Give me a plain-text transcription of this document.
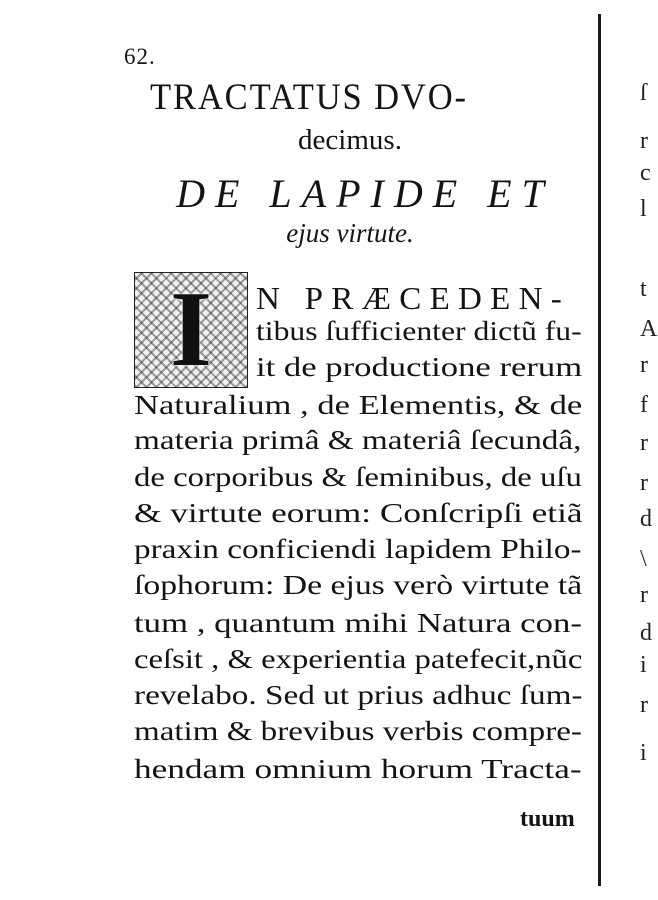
62.
TRACTATUS DVO-
decimus.
DE LAPIDE ET
ejus virtute.
I	N PRÆCEDEN-
tibus ſufficienter dictũ fu-
it de productione rerum
Naturalium , de Elementis, & de
materia primâ & materiâ ſecundâ,
de corporibus & ſeminibus, de uſu
& virtute eorum: Conſcripſi etiã
praxin conficiendi lapidem Philo-
ſophorum: De ejus verò virtute tã
tum , quantum mihi Natura con-
ceſsit , & experientia patefecit,nũc
revelabo. Sed ut prius adhuc ſum-
matim & brevibus verbis compre-
hendam omnium horum Tracta-
tuum
ſ
r
c
l
t
A
r
f
r
r
d
\
r
d
i
r
i
